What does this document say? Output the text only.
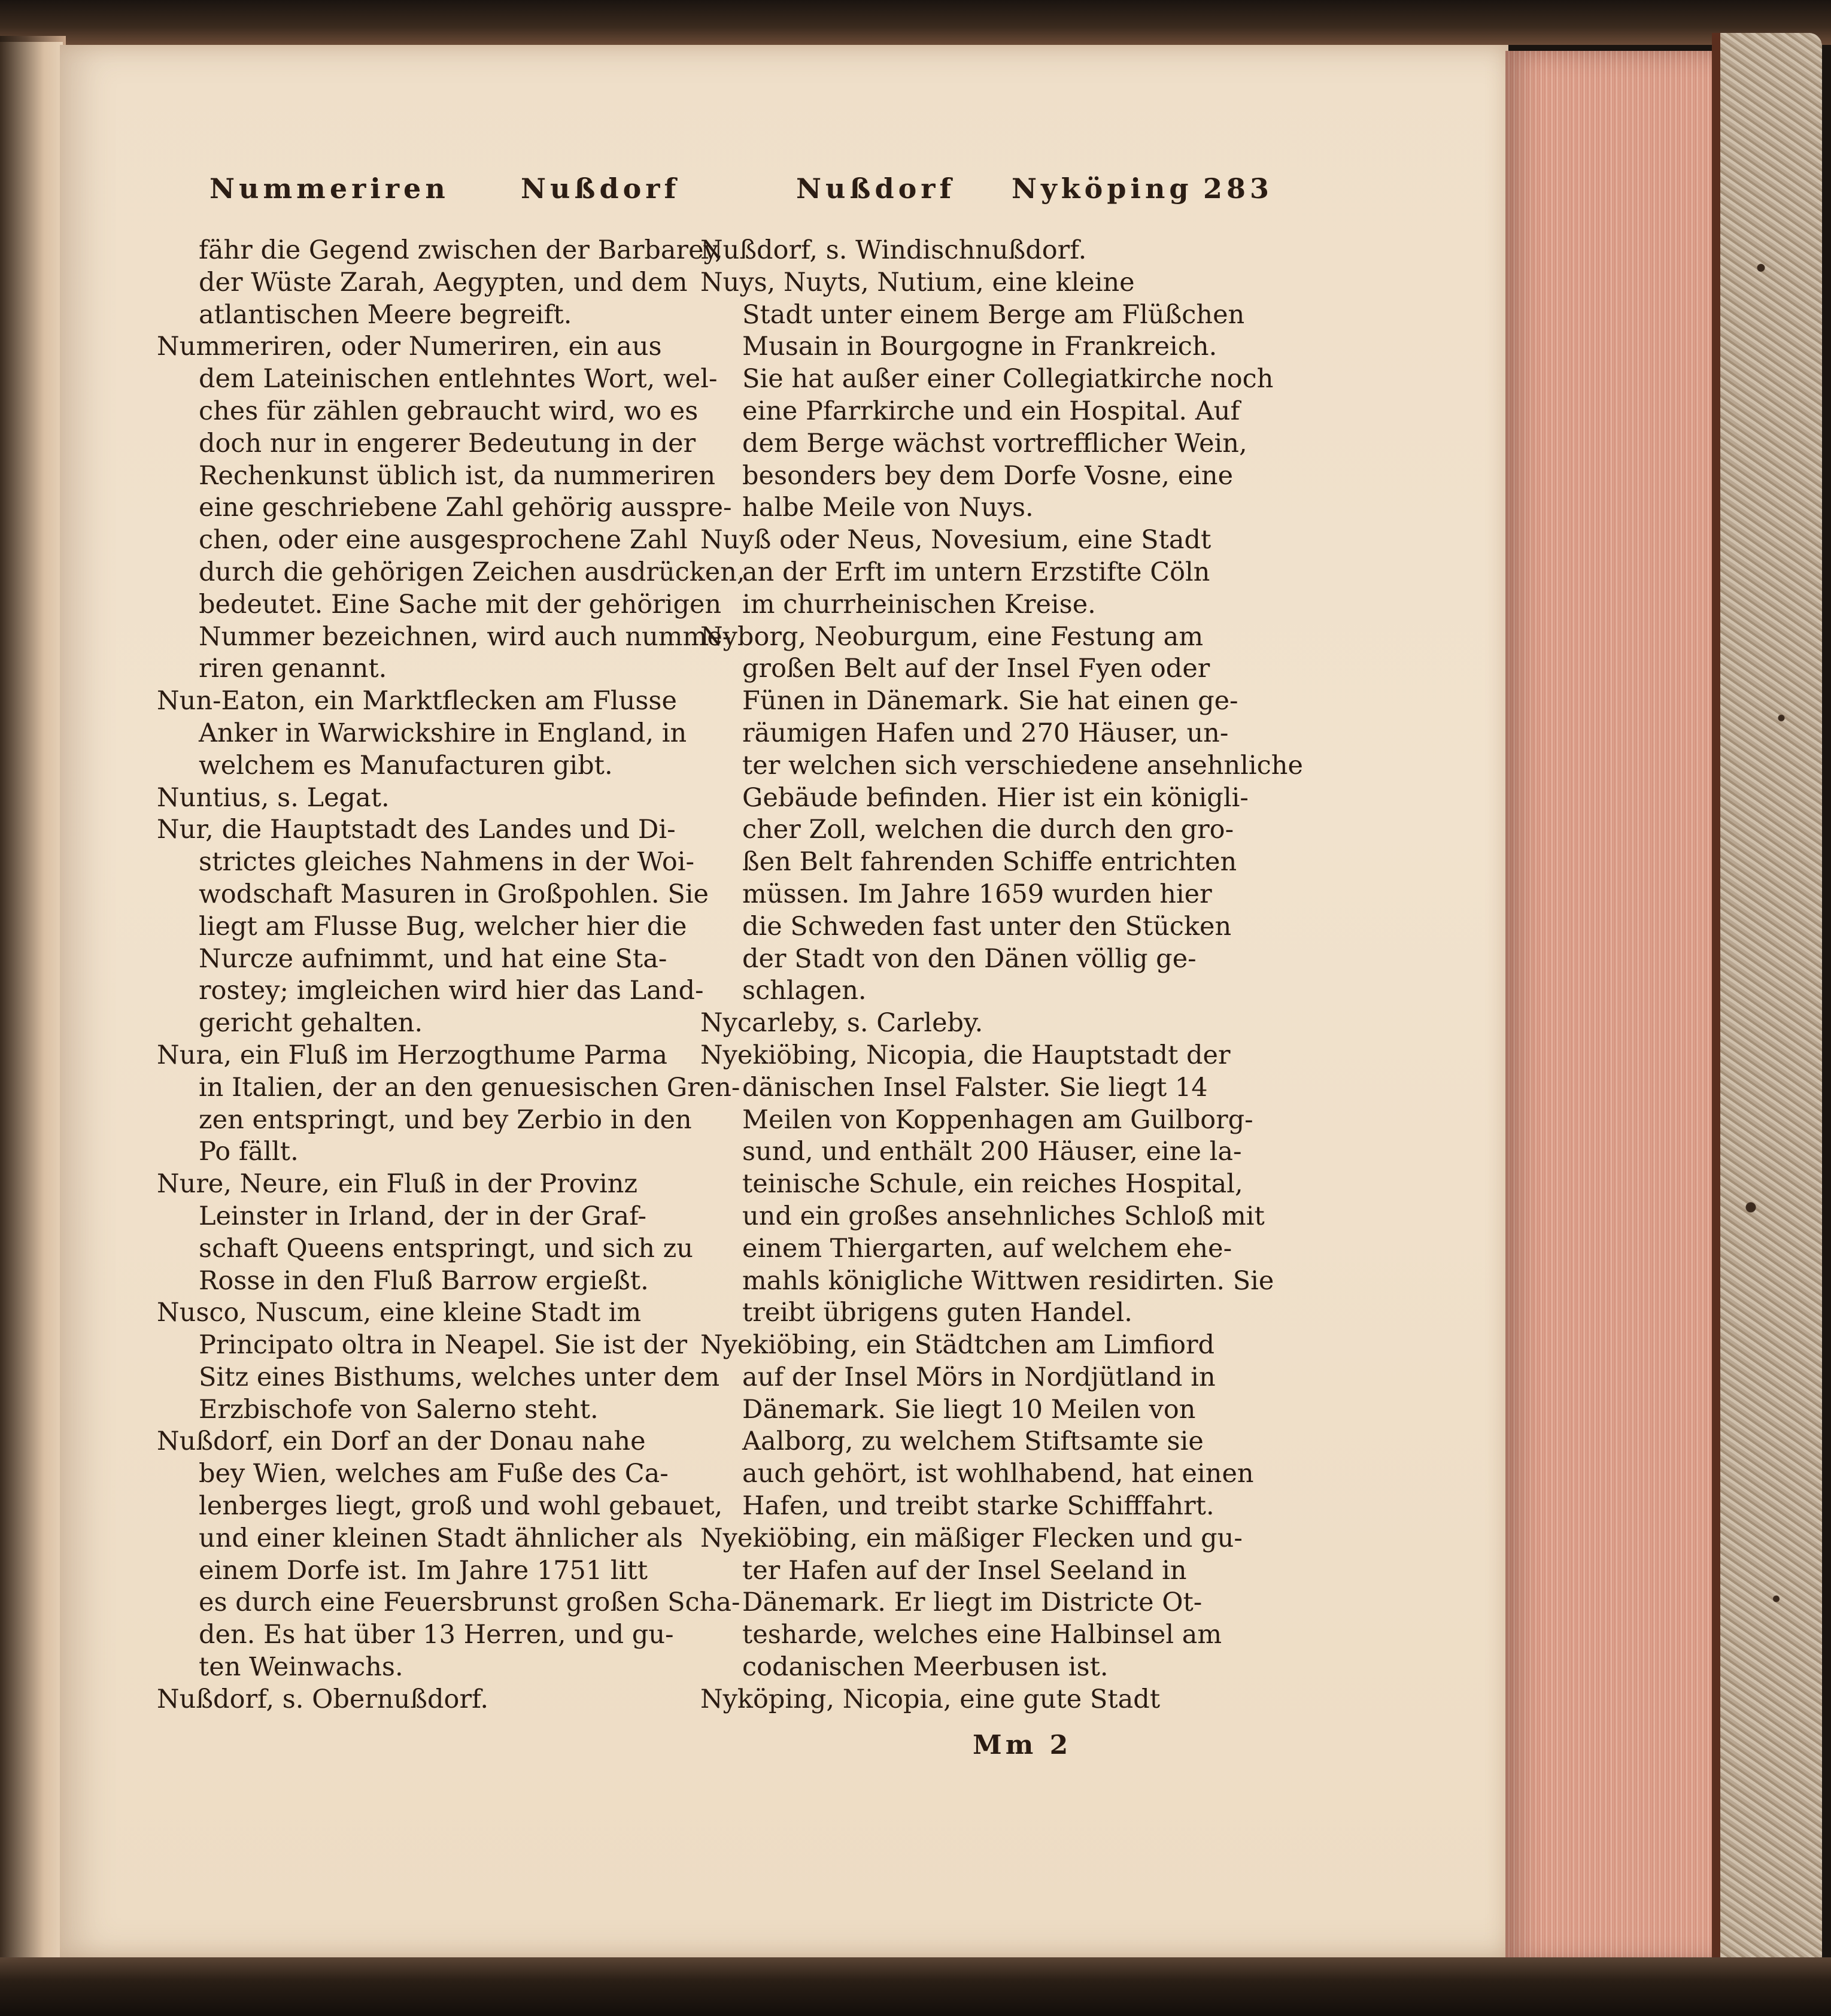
Nummeriren	Nußdorf	Nußdorf Nyköping 283
fähr die Gegend zwischen der Barbarey,
der Wüste Zarah, Aegypten, und dem
atlantischen Meere begreift.
Nummeriren, oder Numeriren, ein aus
dem Lateinischen entlehntes Wort, wel-
ches für zählen gebraucht wird, wo es
doch nur in engerer Bedeutung in der
Rechenkunst üblich ist, da nummeriren
eine geschriebene Zahl gehörig ausspre-
chen, oder eine ausgesprochene Zahl
durch die gehörigen Zeichen ausdrücken,
bedeutet. Eine Sache mit der gehörigen
Nummer bezeichnen, wird auch numme-
riren genannt.
Nun-Eaton, ein Marktflecken am Flusse
Anker in Warwickshire in England, in
welchem es Manufacturen gibt.
Nuntius, s. Legat.
Nur, die Hauptstadt des Landes und Di-
strictes gleiches Nahmens in der Woi-
wodschaft Masuren in Großpohlen. Sie
liegt am Flusse Bug, welcher hier die
Nurcze aufnimmt, und hat eine Sta-
rostey; imgleichen wird hier das Land-
gericht gehalten.
Nura, ein Fluß im Herzogthume Parma
in Italien, der an den genuesischen Gren-
zen entspringt, und bey Zerbio in den
Po fällt.
Nure, Neure, ein Fluß in der Provinz
Leinster in Irland, der in der Graf-
schaft Queens entspringt, und sich zu
Rosse in den Fluß Barrow ergießt.
Nusco, Nuscum, eine kleine Stadt im
Principato oltra in Neapel. Sie ist der
Sitz eines Bisthums, welches unter dem
Erzbischofe von Salerno steht.
Nußdorf, ein Dorf an der Donau nahe
bey Wien, welches am Fuße des Ca-
lenberges liegt, groß und wohl gebauet,
und einer kleinen Stadt ähnlicher als
einem Dorfe ist. Im Jahre 1751 litt
es durch eine Feuersbrunst großen Scha-
den. Es hat über 13 Herren, und gu-
ten Weinwachs.
Nußdorf, s. Obernußdorf.
Nußdorf, s. Windischnußdorf.
Nuys, Nuyts, Nutium, eine kleine
Stadt unter einem Berge am Flüßchen
Musain in Bourgogne in Frankreich.
Sie hat außer einer Collegiatkirche noch
eine Pfarrkirche und ein Hospital. Auf
dem Berge wächst vortrefflicher Wein,
besonders bey dem Dorfe Vosne, eine
halbe Meile von Nuys.
Nuyß oder Neus, Novesium, eine Stadt
an der Erft im untern Erzstifte Cöln
im churrheinischen Kreise.
Nyborg, Neoburgum, eine Festung am
großen Belt auf der Insel Fyen oder
Fünen in Dänemark. Sie hat einen ge-
räumigen Hafen und 270 Häuser, un-
ter welchen sich verschiedene ansehnliche
Gebäude befinden. Hier ist ein königli-
cher Zoll, welchen die durch den gro-
ßen Belt fahrenden Schiffe entrichten
müssen. Im Jahre 1659 wurden hier
die Schweden fast unter den Stücken
der Stadt von den Dänen völlig ge-
schlagen.
Nycarleby, s. Carleby.
Nyekiöbing, Nicopia, die Hauptstadt der
dänischen Insel Falster. Sie liegt 14
Meilen von Koppenhagen am Guilborg-
sund, und enthält 200 Häuser, eine la-
teinische Schule, ein reiches Hospital,
und ein großes ansehnliches Schloß mit
einem Thiergarten, auf welchem ehe-
mahls königliche Wittwen residirten. Sie
treibt übrigens guten Handel.
Nyekiöbing, ein Städtchen am Limfiord
auf der Insel Mörs in Nordjütland in
Dänemark. Sie liegt 10 Meilen von
Aalborg, zu welchem Stiftsamte sie
auch gehört, ist wohlhabend, hat einen
Hafen, und treibt starke Schifffahrt.
Nyekiöbing, ein mäßiger Flecken und gu-
ter Hafen auf der Insel Seeland in
Dänemark. Er liegt im Districte Ot-
tesharde, welches eine Halbinsel am
codanischen Meerbusen ist.
Nyköping, Nicopia, eine gute Stadt
Mm 2
